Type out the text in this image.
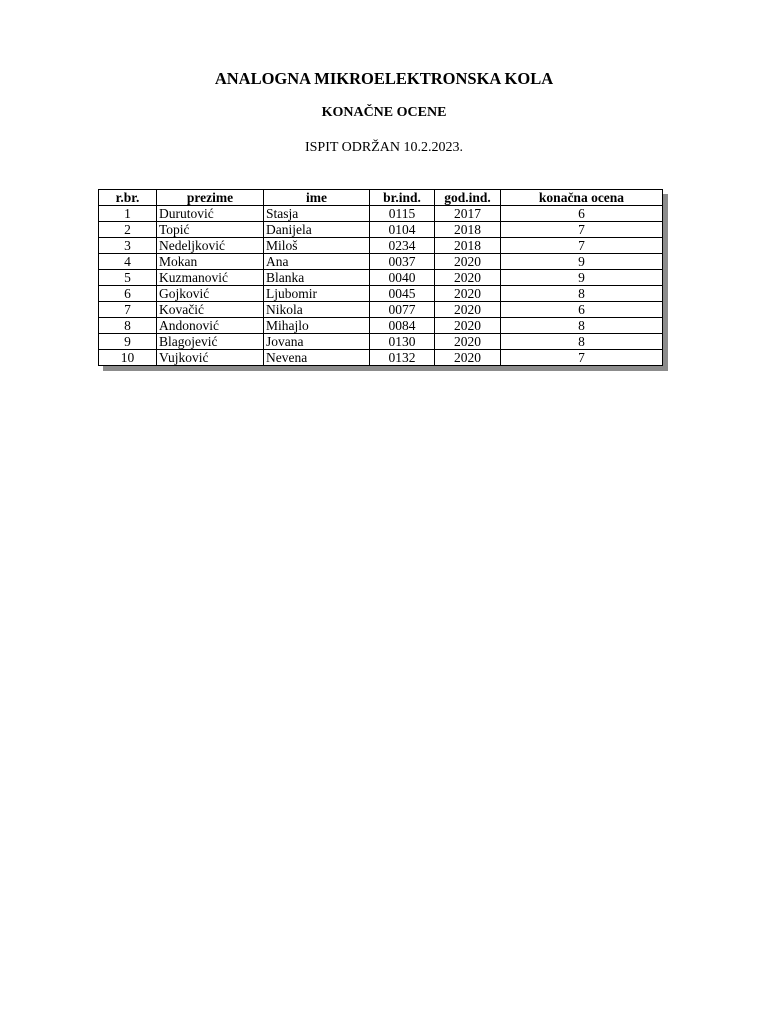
ANALOGNA MIKROELEKTRONSKA KOLA
KONAČNE OCENE
ISPIT ODRŽAN 10.2.2023.
r.br.	prezime	ime	br.ind.	god.ind.	konačna ocena
1	Durutović	Stasja	0115	2017	6
2	Topić	Danijela	0104	2018	7
3	Nedeljković	Miloš	0234	2018	7
4	Mokan	Ana	0037	2020	9
5	Kuzmanović	Blanka	0040	2020	9
6	Gojković	Ljubomir	0045	2020	8
7	Kovačić	Nikola	0077	2020	6
8	Andonović	Mihajlo	0084	2020	8
9	Blagojević	Jovana	0130	2020	8
10	Vujković	Nevena	0132	2020	7
